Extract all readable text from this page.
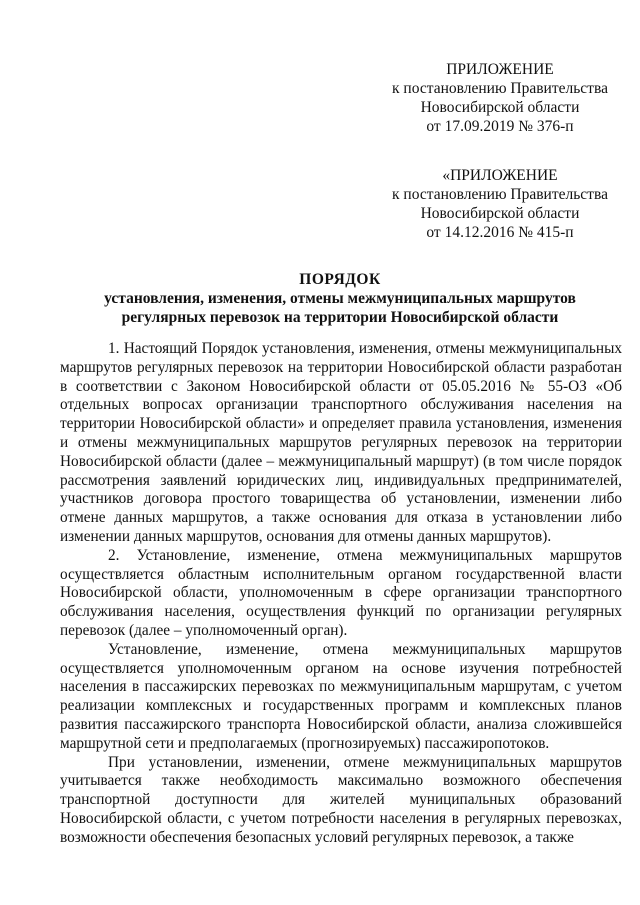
ПРИЛОЖЕНИЕ
к постановлению Правительства
Новосибирской области
от 17.09.2019 № 376-п
«ПРИЛОЖЕНИЕ
к постановлению Правительства
Новосибирской области
от 14.12.2016 № 415-п
ПОРЯДОК
установления, изменения, отмены межмуниципальных маршрутов
регулярных перевозок на территории Новосибирской области

1. Настоящий Порядок установления, изменения, отмены межмуниципальных маршрутов регулярных перевозок на территории Новосибирской области разработан в соответствии с Законом Новосибирской области от 05.05.2016 № 55-ОЗ «Об отдельных вопросах организации транспортного обслуживания населения на территории Новосибирской области» и определяет правила установления, изменения и отмены межмуниципальных маршрутов регулярных перевозок на территории Новосибирской области (далее – межмуниципальный маршрут) (в том числе порядок рассмотрения заявлений юридических лиц, индивидуальных предпринимателей, участников договора простого товарищества об установлении, изменении либо отмене данных маршрутов, а также основания для отказа в установлении либо изменении данных маршрутов, основания для отмены данных маршрутов).

2. Установление, изменение, отмена межмуниципальных маршрутов осуществляется областным исполнительным органом государственной власти Новосибирской области, уполномоченным в сфере организации транспортного обслуживания населения, осуществления функций по организации регулярных перевозок (далее – уполномоченный орган).

Установление, изменение, отмена межмуниципальных маршрутов осуществляется уполномоченным органом на основе изучения потребностей населения в пассажирских перевозках по межмуниципальным маршрутам, с учетом реализации комплексных и государственных программ и комплексных планов развития пассажирского транспорта Новосибирской области, анализа сложившейся маршрутной сети и предполагаемых (прогнозируемых) пассажиропотоков.

При установлении, изменении, отмене межмуниципальных маршрутов учитывается также необходимость максимально возможного обеспечения транспортной доступности для жителей муниципальных образований Новосибирской области, с учетом потребности населения в регулярных перевозках, возможности обеспечения безопасных условий регулярных перевозок, а также
